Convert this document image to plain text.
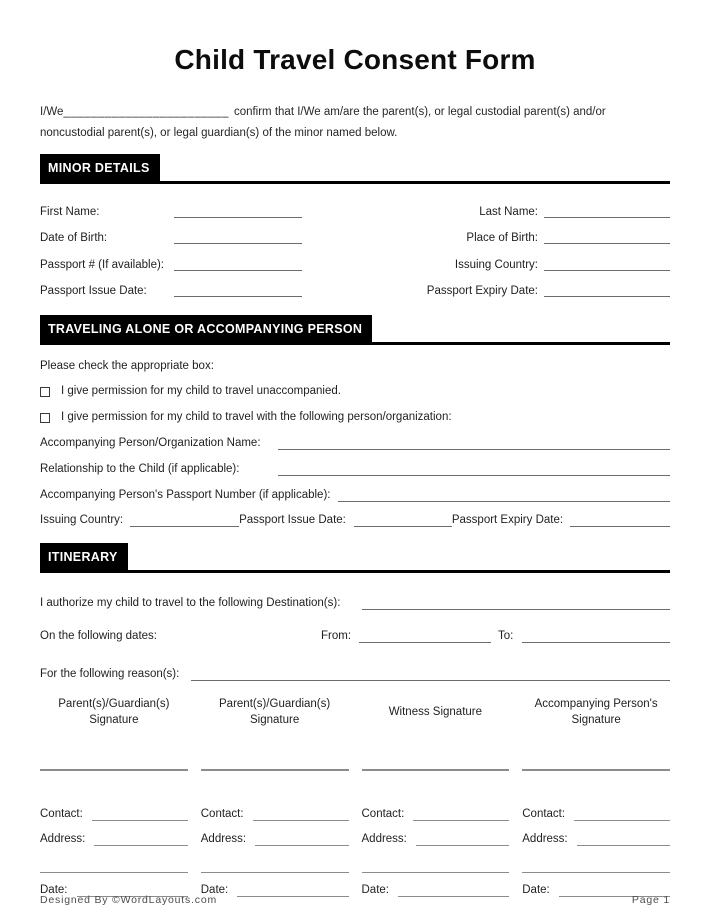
Child Travel Consent Form

I/We________________________ confirm that I/We am/are the parent(s), or legal custodial parent(s) and/or noncustodial parent(s), or legal guardian(s) of the minor named below.

MINOR DETAILS
First Name:	Last Name:
Date of Birth:	Place of Birth:
Passport # (If available):	Issuing Country:
Passport Issue Date:	Passport Expiry Date:
TRAVELING ALONE OR ACCOMPANYING PERSON
Please check the appropriate box:
I give permission for my child to travel unaccompanied.
I give permission for my child to travel with the following person/organization:
Accompanying Person/Organization Name:
Relationship to the Child (if applicable):
Accompanying Person's Passport Number (if applicable):
Issuing Country:	Passport Issue Date:	Passport Expiry Date:
ITINERARY
I authorize my child to travel to the following Destination(s):
On the following dates:	From:	To:
For the following reason(s):
Parent(s)/Guardian(s) Signature
Contact:
Address:
Date:
Parent(s)/Guardian(s) Signature
Contact:
Address:
Date:
Witness Signature
Contact:
Address:
Date:
Accompanying Person's Signature
Contact:
Address:
Date:
Designed By ©WordLayouts.com	Page 1
